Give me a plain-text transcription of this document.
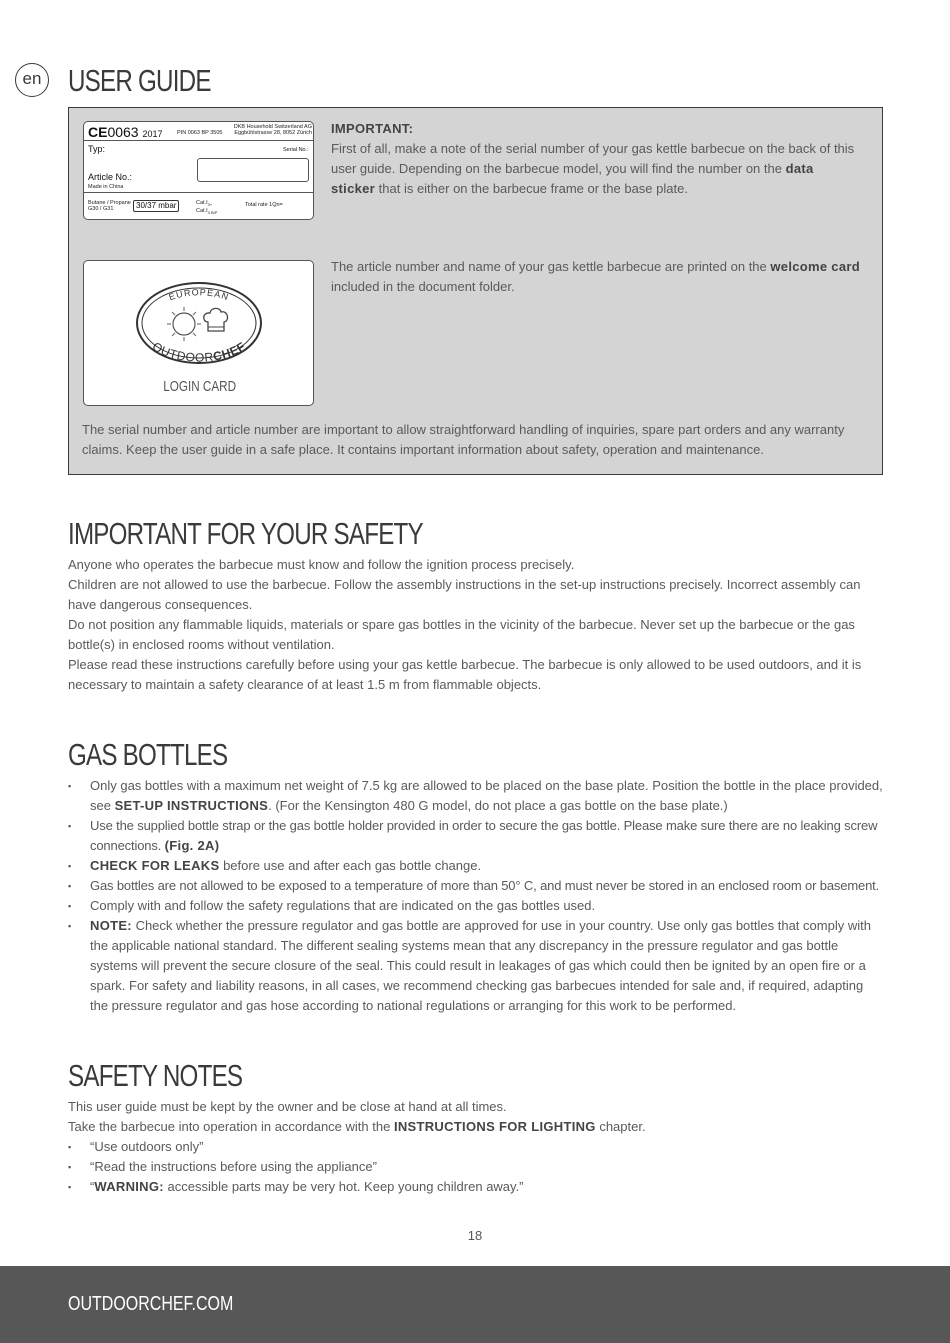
en USER GUIDE
CE0063 2017	PIN 0063 BP 3505
DKB Household Switzerland AG
Eggbühlstrasse 28, 8052 Zürich
Typ:	Serial No.:
Article No.:
Made in China
Butane / Propane
G30 / G31	30/37 mbar	$Cat.I_{3+}$
$Cat.I_{3 B/P}$
Total rate 1Qn=

IMPORTANT:

First of all, make a note of the serial number of your gas kettle barbecue on the back of this user guide. Depending on the barbecue model, you will find the number on the data sticker that is either on the barbecue frame or the base plate.

EUROPEAN
OUTDOORCHEF
LOGIN CARD

The article number and name of your gas kettle barbecue are printed on the welcome card included in the document folder.

The serial number and article number are important to allow straightforward handling of inquiries, spare part orders and any warranty claims. Keep the user guide in a safe place. It contains important information about safety, operation and maintenance.

IMPORTANT FOR YOUR SAFETY

Anyone who operates the barbecue must know and follow the ignition process precisely.

Children are not allowed to use the barbecue. Follow the assembly instructions in the set-up instructions precisely. Incorrect assembly can have dangerous consequences.

Do not position any flammable liquids, materials or spare gas bottles in the vicinity of the barbecue. Never set up the barbecue or the gas bottle(s) in enclosed rooms without ventilation.

Please read these instructions carefully before using your gas kettle barbecue. The barbecue is only allowed to be used outdoors, and it is necessary to maintain a safety clearance of at least 1.5 m from flammable objects.

GAS BOTTLES
▪ Only gas bottles with a maximum net weight of 7.5 kg are allowed to be placed on the base plate. Position the bottle in the place provided, see SET-UP INSTRUCTIONS. (For the Kensington 480 G model, do not place a gas bottle on the base plate.)
▪ Use the supplied bottle strap or the gas bottle holder provided in order to secure the gas bottle. Please make sure there are no leaking screw connections. (Fig. 2A)
▪ CHECK FOR LEAKS before use and after each gas bottle change.
▪ Gas bottles are not allowed to be exposed to a temperature of more than 50° C, and must never be stored in an enclosed room or basement.
▪ Comply with and follow the safety regulations that are indicated on the gas bottles used.
▪ NOTE: Check whether the pressure regulator and gas bottle are approved for use in your country. Use only gas bottles that comply with the applicable national standard. The different sealing systems mean that any discrepancy in the pressure regulator and gas bottle systems will prevent the secure closure of the seal. This could result in leakages of gas which could then be ignited by an open fire or a spark. For safety and liability reasons, in all cases, we recommend checking gas barbecues intended for sale and, if required, adapting the pressure regulator and gas hose according to national regulations or arranging for this work to be performed.
SAFETY NOTES

This user guide must be kept by the owner and be close at hand at all times.

Take the barbecue into operation in accordance with the INSTRUCTIONS FOR LIGHTING chapter.

▪ “Use outdoors only”
▪ “Read the instructions before using the appliance”
▪ “WARNING: accessible parts may be very hot. Keep young children away.”
18
OUTDOORCHEF.COM
